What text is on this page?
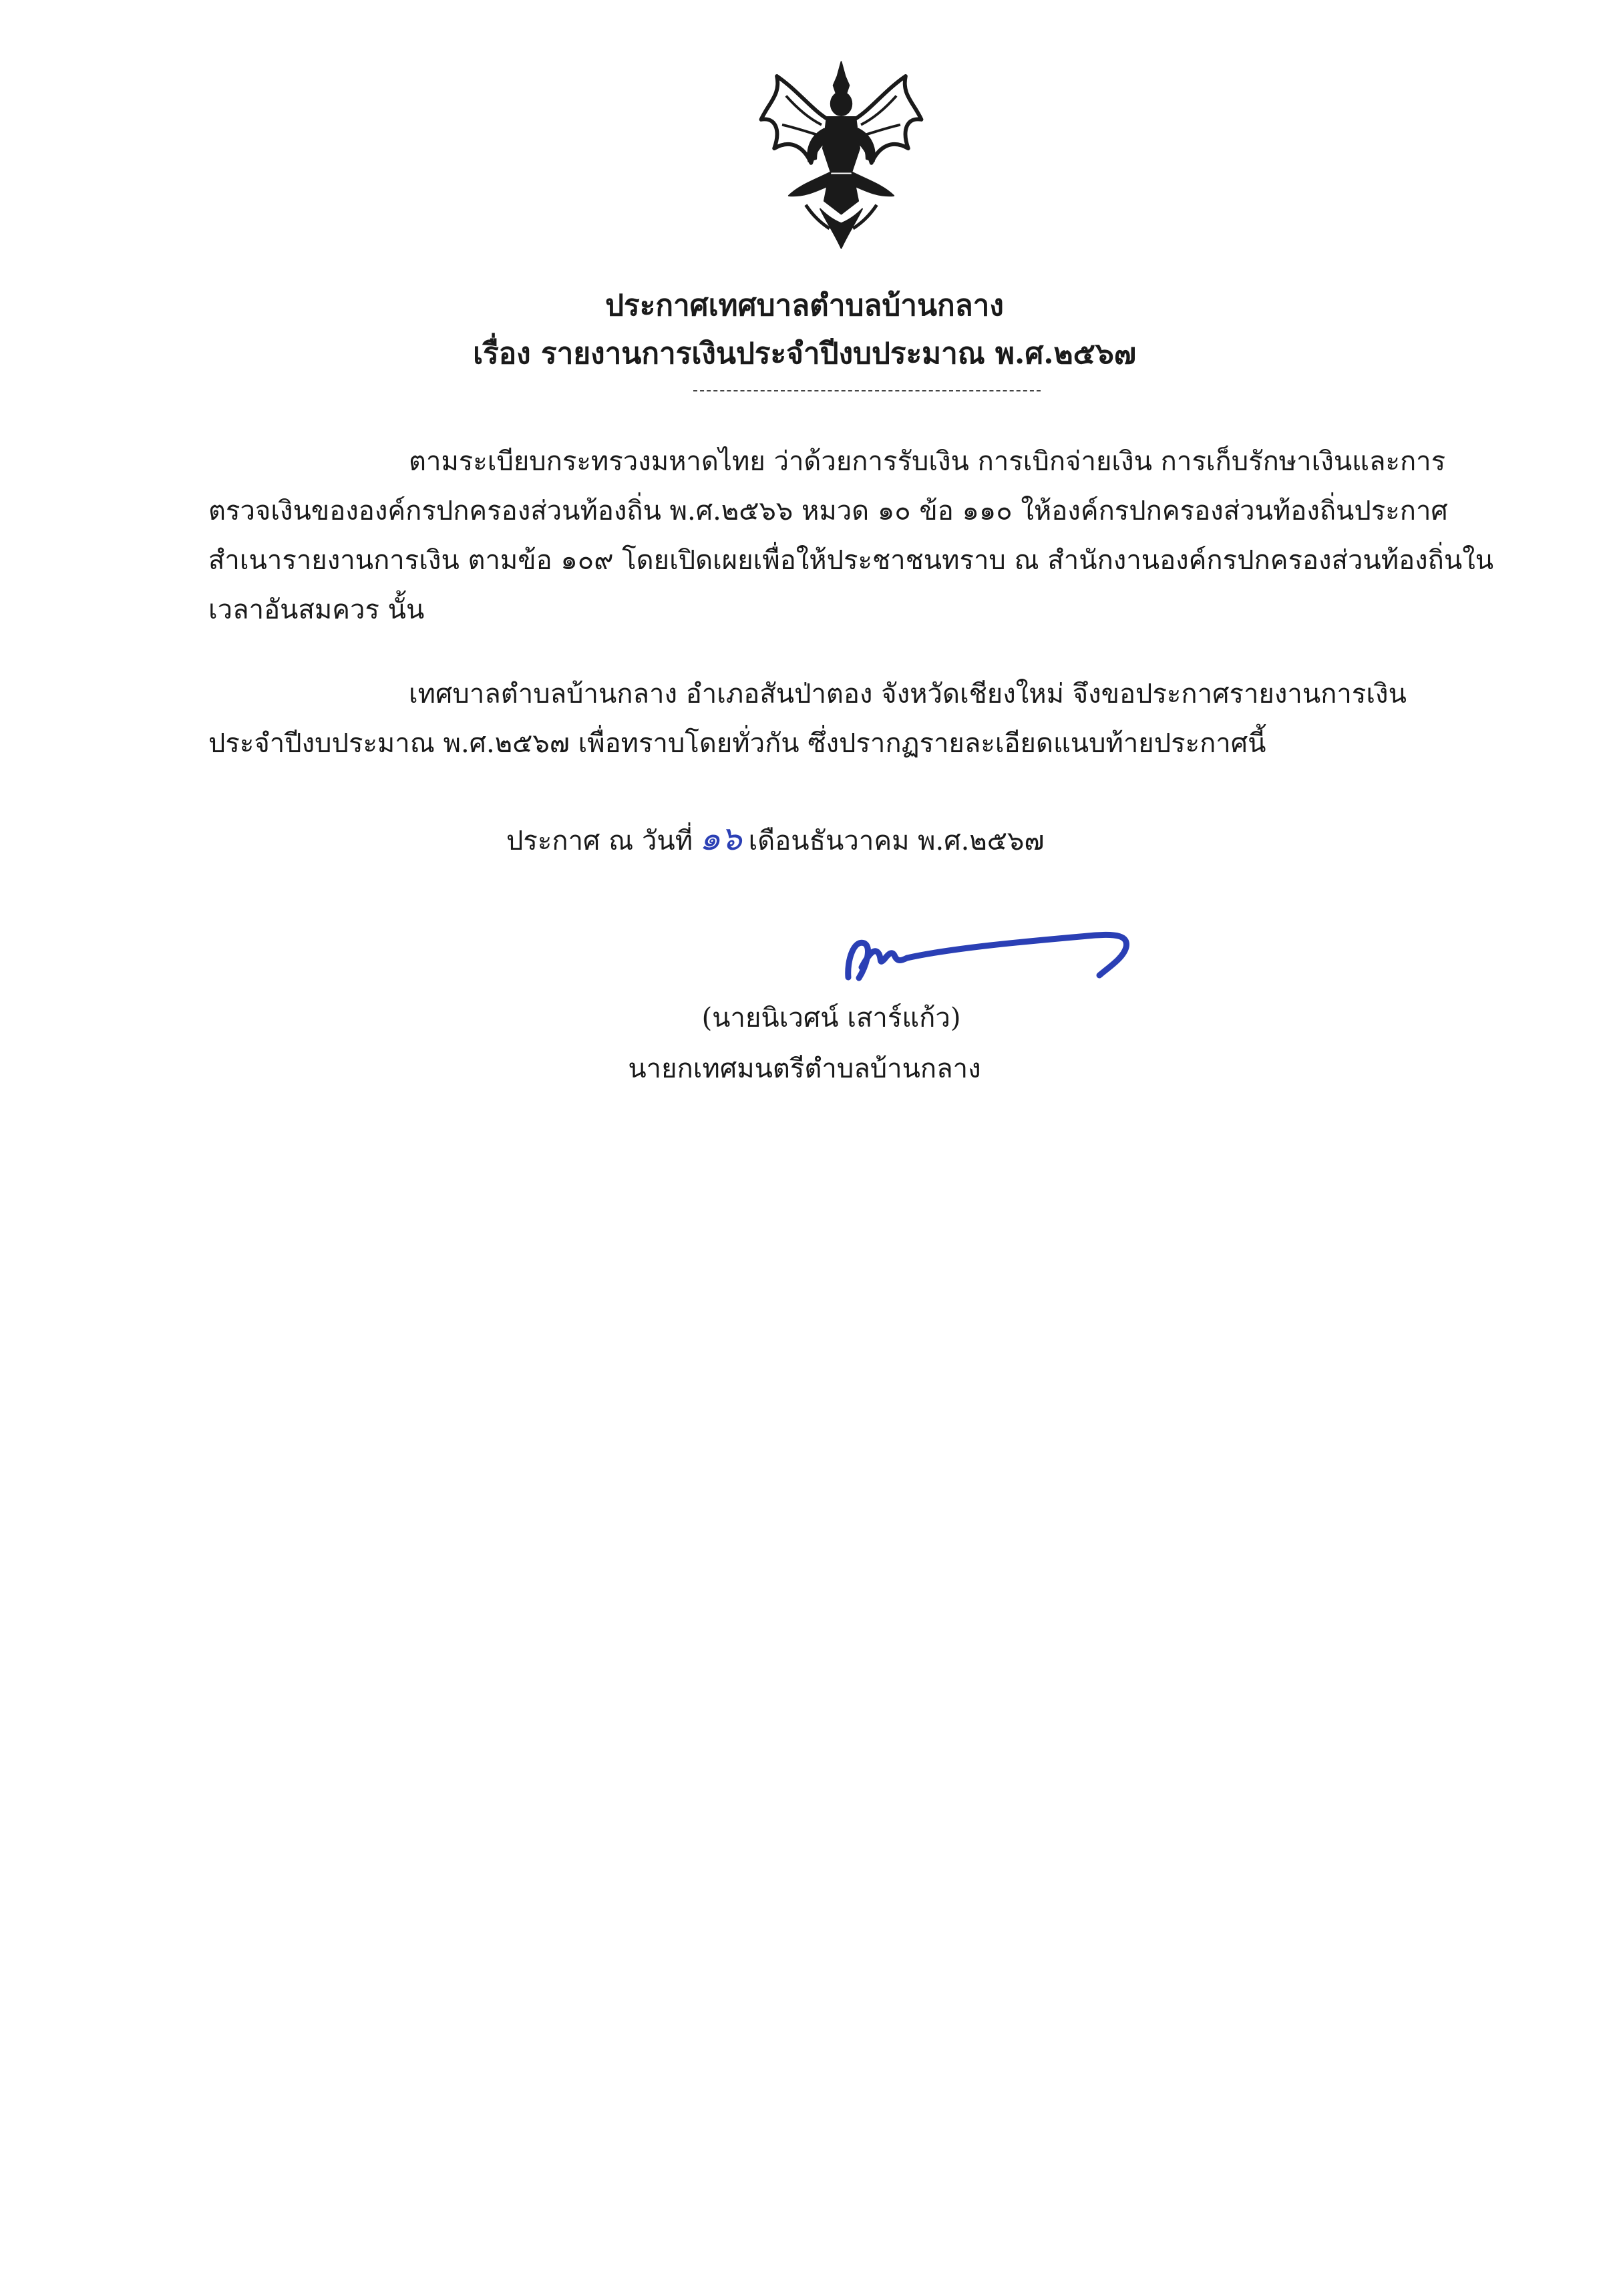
ประกาศเทศบาลตำบลบ้านกลาง
เรื่อง รายงานการเงินประจำปีงบประมาณ พ.ศ.๒๕๖๗
ตามระเบียบกระทรวงมหาดไทย ว่าด้วยการรับเงิน การเบิกจ่ายเงิน การเก็บรักษาเงินและการ
ตรวจเงินขององค์กรปกครองส่วนท้องถิ่น พ.ศ.๒๕๖๖ หมวด ๑๐ ข้อ ๑๑๐ ให้องค์กรปกครองส่วนท้องถิ่นประกาศ
สำเนารายงานการเงิน ตามข้อ ๑๐๙ โดยเปิดเผยเพื่อให้ประชาชนทราบ ณ สำนักงานองค์กรปกครองส่วนท้องถิ่นใน
เวลาอันสมควร นั้น
เทศบาลตำบลบ้านกลาง อำเภอสันป่าตอง จังหวัดเชียงใหม่ จึงขอประกาศรายงานการเงิน
ประจำปีงบประมาณ พ.ศ.๒๕๖๗ เพื่อทราบโดยทั่วกัน ซึ่งปรากฏรายละเอียดแนบท้ายประกาศนี้
ประกาศ ณ วันที่ ๑๖ เดือนธันวาคม พ.ศ.๒๕๖๗
(นายนิเวศน์ เสาร์แก้ว)
นายกเทศมนตรีตำบลบ้านกลาง
